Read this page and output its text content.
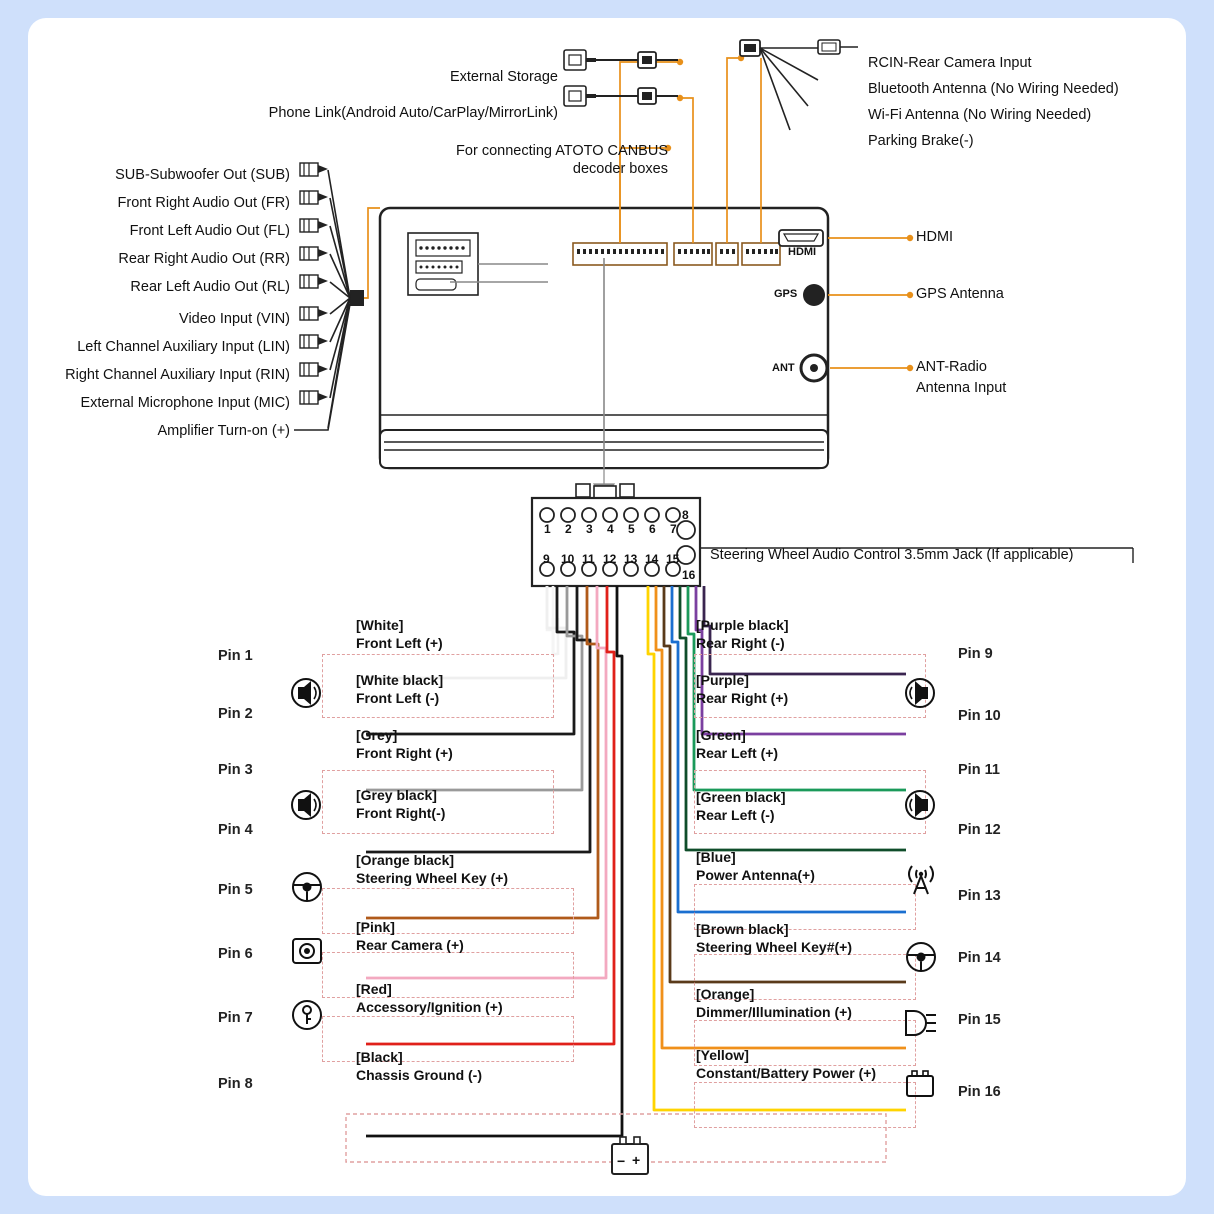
External Storage
Phone Link(Android Auto/CarPlay/MirrorLink)
For connecting ATOTO CANBUS
decoder boxes
RCIN-Rear Camera Input
Bluetooth Antenna (No Wiring Needed)
Wi-Fi Antenna (No Wiring Needed)
Parking Brake(-)
SUB-Subwoofer Out (SUB)
Front Right Audio Out (FR)
Front Left Audio Out (FL)
Rear Right Audio Out (RR)
Rear Left Audio Out (RL)
Video Input (VIN)
Left Channel Auxiliary Input (LIN)
Right Channel Auxiliary Input (RIN)
External Microphone Input (MIC)
Amplifier Turn-on (+)
HDMI
GPS Antenna
ANT-Radio
Antenna Input
HDMI
GPS
ANT
1 2 3 4 5 6 7
8
9 10 11 12 13 14 15
16
Steering Wheel Audio Control 3.5mm Jack (If applicable)
Pin 1
Pin 2
Pin 3
Pin 4
Pin 5
Pin 6
Pin 7
Pin 8
[White]
Front Left (+)
[White black]
Front Left (-)
[Grey]
Front Right (+)
[Grey black]
Front Right(-)
[Orange black]
Steering Wheel Key (+)
[Pink]
Rear Camera (+)
[Red]
Accessory/Ignition (+)
[Black]
Chassis Ground (-)
Pin 9
Pin 10
Pin 11
Pin 12
Pin 13
Pin 14
Pin 15
Pin 16
[Purple black]
Rear Right (-)
[Purple]
Rear Right (+)
[Green]
Rear Left (+)
[Green black]
Rear Left (-)
[Blue]
Power Antenna(+)
[Brown black]
Steering Wheel Key#(+)
[Orange]
Dimmer/Illumination (+)
[Yellow]
Constant/Battery Power (+)
− +
